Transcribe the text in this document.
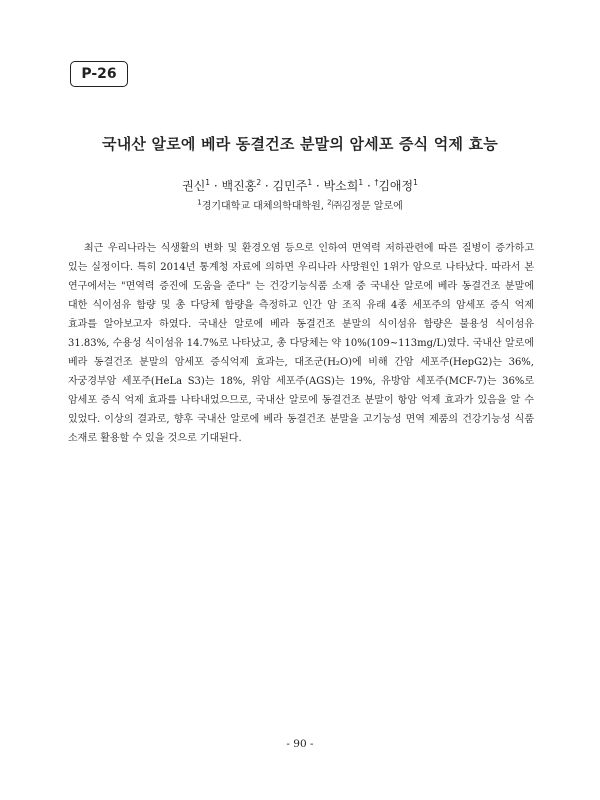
P-26
국내산 알로에 베라 동결건조 분말의 암세포 증식 억제 효능
권신$^1$ · 백진홍$^2$ · 김민주$^1$ · 박소희$^1$ · †김애정$^1$
$^1$경기대학교 대체의학대학원, $^2$㈜김정문 알로에

최근 우리나라는 식생활의 변화 및 환경오염 등으로 인하여 면역력 저하관련에 따른 질병이 증가하고 있는 실정이다. 특히 2014년 통계청 자료에 의하면 우리나라 사망원인 1위가 암으로 나타났다. 따라서 본 연구에서는 "면역력 증진에 도움을 준다" 는 건강기능식품 소재 중 국내산 알로에 베라 동결건조 분말에 대한 식이섬유 함량 및 총 다당체 함량을 측정하고 인간 암 조직 유래 4종 세포주의 암세포 증식 억제 효과를 알아보고자 하였다. 국내산 알로에 베라 동결건조 분말의 식이섬유 함량은 불용성 식이섬유 31.83%, 수용성 식이섬유 14.7%로 나타났고, 총 다당체는 약 10%(109∼113mg/L)였다. 국내산 알로에 베라 동결건조 분말의 암세포 증식억제 효과는, 대조군(H₂O)에 비해 간암 세포주(HepG2)는 36%, 자궁경부암 세포주(HeLa S3)는 18%, 위암 세포주(AGS)는 19%, 유방암 세포주(MCF-7)는 36%로 암세포 증식 억제 효과를 나타내었으므로, 국내산 알로에 동결건조 분말이 항암 억제 효과가 있음을 알 수 있었다. 이상의 결과로, 향후 국내산 알로에 베라 동결건조 분말을 고기능성 면역 제품의 건강기능성 식품 소재로 활용할 수 있을 것으로 기대된다.

- 90 -
